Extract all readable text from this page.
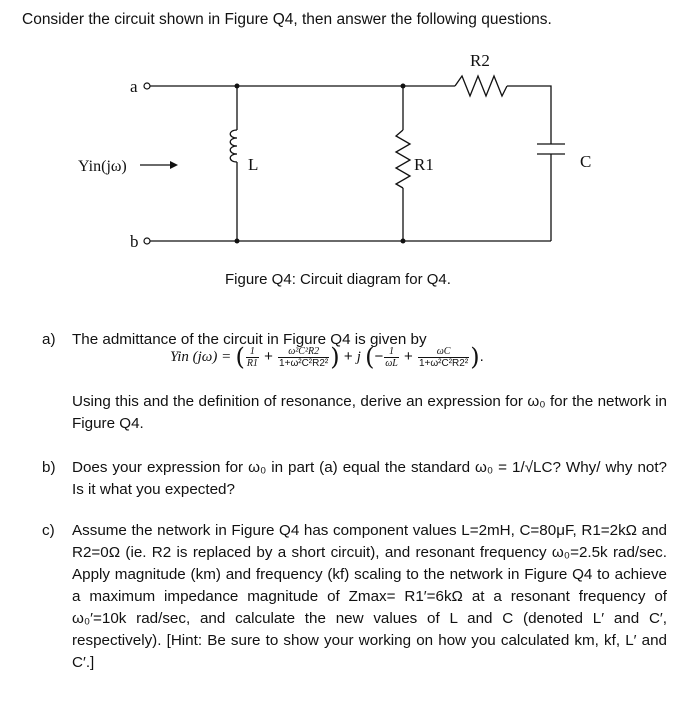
Consider the circuit shown in Figure Q4, then answer the following questions.
a
b
Yin(jω)	L	R1
R2
C
Figure Q4: Circuit diagram for Q4.
a)	The admittance of the circuit in Figure Q4 is given by
Yin (jω) = ( $\frac{1}{R1} + \frac{\text{ω²C²R2}}{\text{1+ω²C²R2²}}$ ) + j (− $\frac{1}{\omega L} + \frac{\omega C}{\text{1+ω²C²R2²}}$ ).
Using this and the definition of resonance, derive an expression for ω₀ for the network in Figure Q4.
b)	Does your expression for ω₀ in part (a) equal the standard ω₀ = 1/√LC? Why/ why not? Is it what you expected?
c)	Assume the network in Figure Q4 has component values L=2mH, C=80μF, R1=2kΩ and R2=0Ω (ie. R2 is replaced by a short circuit), and resonant frequency ω₀=2.5k rad/sec. Apply magnitude (km) and frequency (kf) scaling to the network in Figure Q4 to achieve a maximum impedance magnitude of Zmax= R1′=6kΩ at a resonant frequency of ω₀′=10k rad/sec, and calculate the new values of L and C (denoted L′ and C′, respectively). [Hint: Be sure to show your working on how you calculated km, kf, L′ and C′.]
